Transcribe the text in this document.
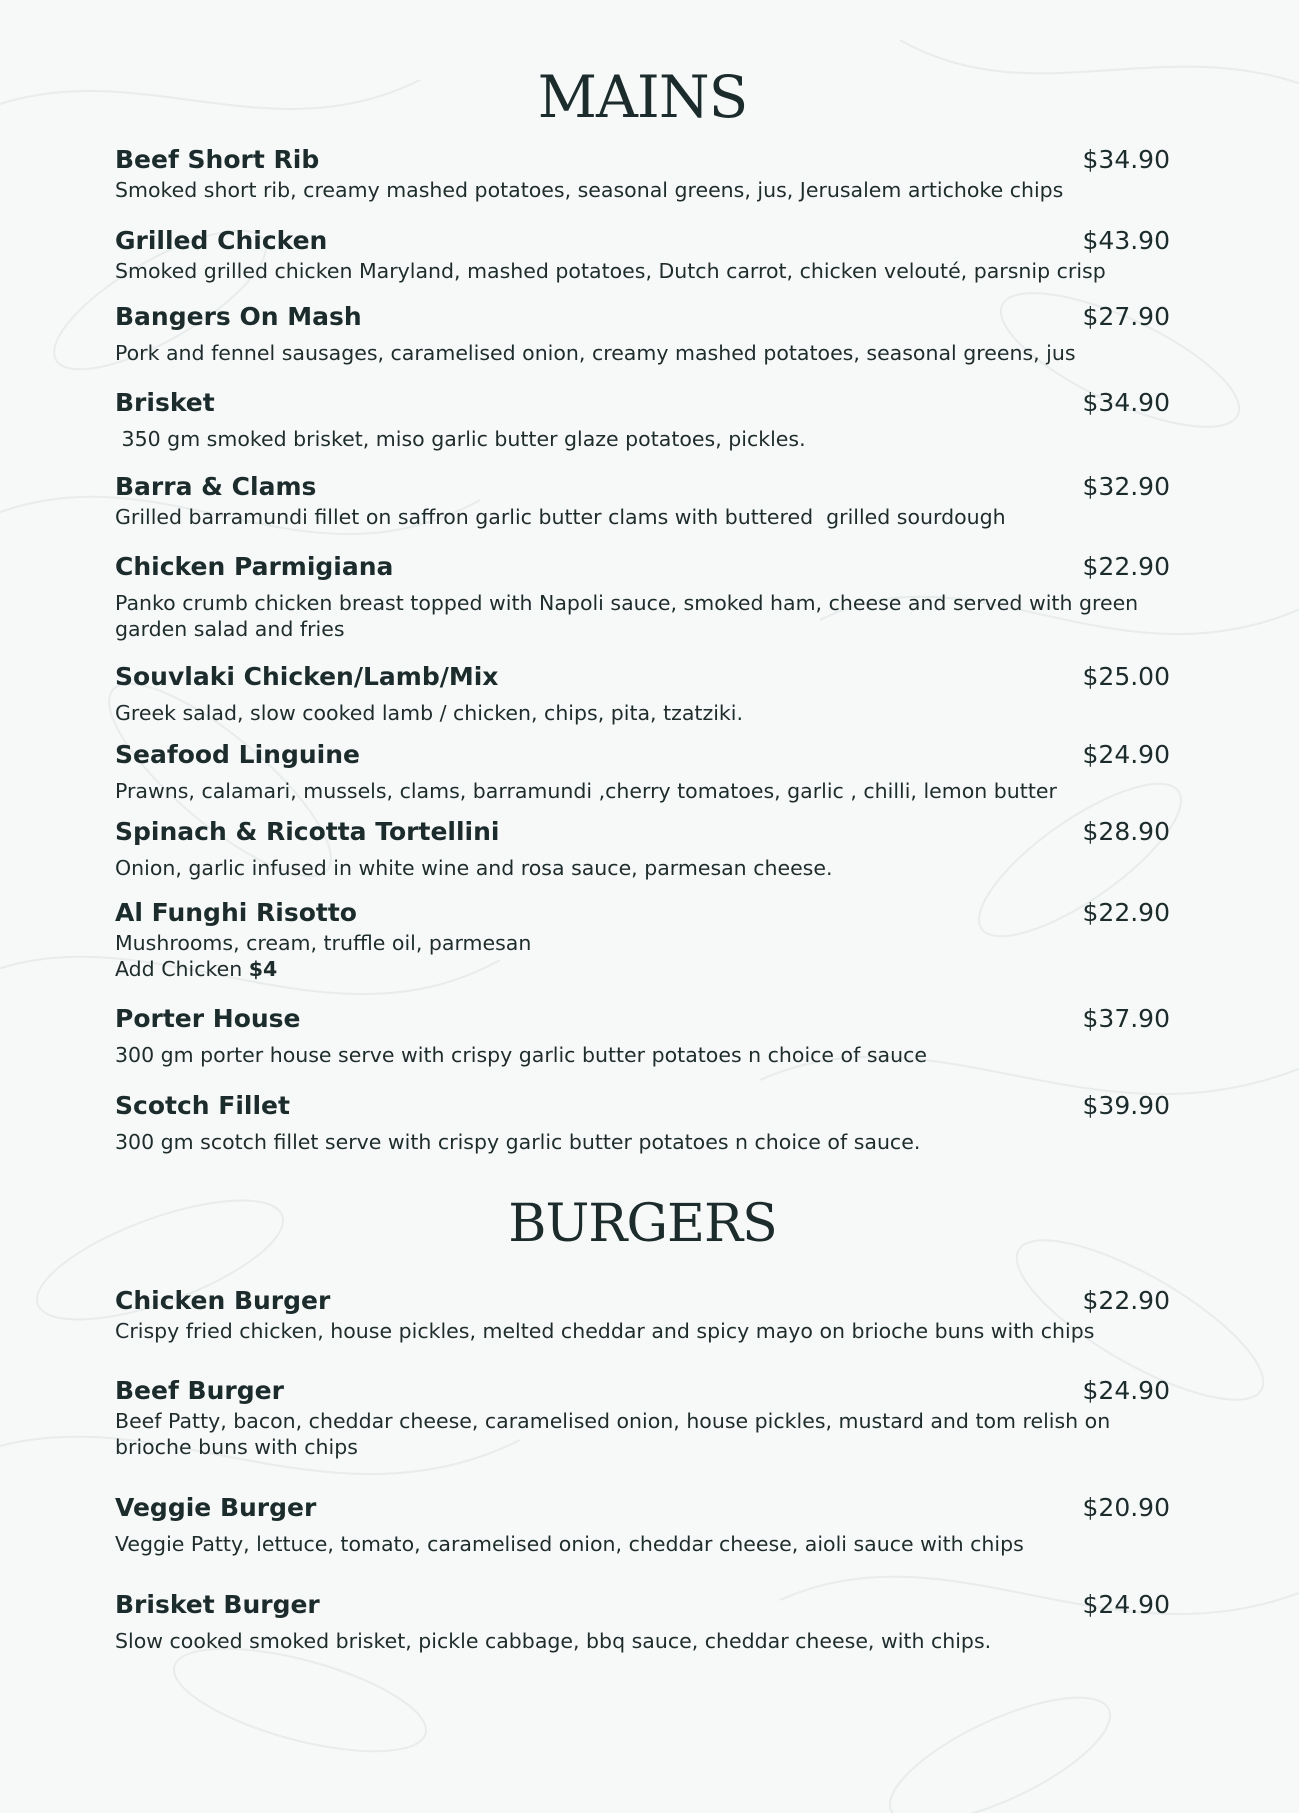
MAINS
Beef Short Rib	$34.90
Smoked short rib, creamy mashed potatoes, seasonal greens, jus, Jerusalem artichoke chips
Grilled Chicken	$43.90
Smoked grilled chicken Maryland, mashed potatoes, Dutch carrot, chicken velouté, parsnip crisp
Bangers On Mash	$27.90
Pork and fennel sausages, caramelised onion, creamy mashed potatoes, seasonal greens, jus
Brisket	$34.90
350 gm smoked brisket, miso garlic butter glaze potatoes, pickles.
Barra & Clams	$32.90
Grilled barramundi fillet on saffron garlic butter clams with buttered  grilled sourdough
Chicken Parmigiana	$22.90
Panko crumb chicken breast topped with Napoli sauce, smoked ham, cheese and served with green garden salad and fries
Souvlaki Chicken/Lamb/Mix	$25.00
Greek salad, slow cooked lamb / chicken, chips, pita, tzatziki.
Seafood Linguine	$24.90
Prawns, calamari, mussels, clams, barramundi ,cherry tomatoes, garlic , chilli, lemon butter
Spinach & Ricotta Tortellini	$28.90
Onion, garlic infused in white wine and rosa sauce, parmesan cheese.
Al Funghi Risotto	$22.90
Mushrooms, cream, truffle oil, parmesan
Add Chicken $4
Porter House	$37.90
300 gm porter house serve with crispy garlic butter potatoes n choice of sauce
Scotch Fillet	$39.90
300 gm scotch fillet serve with crispy garlic butter potatoes n choice of sauce.
BURGERS
Chicken Burger	$22.90
Crispy fried chicken, house pickles, melted cheddar and spicy mayo on brioche buns with chips
Beef Burger	$24.90
Beef Patty, bacon, cheddar cheese, caramelised onion, house pickles, mustard and tom relish on brioche buns with chips
Veggie Burger	$20.90
Veggie Patty, lettuce, tomato, caramelised onion, cheddar cheese, aioli sauce with chips
Brisket Burger	$24.90
Slow cooked smoked brisket, pickle cabbage, bbq sauce, cheddar cheese, with chips.
